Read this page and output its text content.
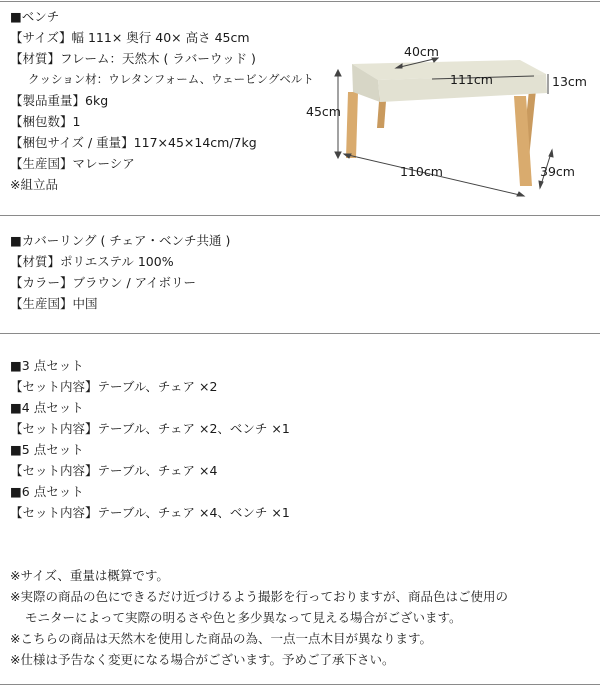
■ベンチ
【サイズ】幅 111× 奥行 40× 高さ 45cm
【材質】フレーム：天然木 ( ラバーウッド )
クッション材：ウレタンフォーム、ウェービングベルト
【製品重量】6kg
【梱包数】1
【梱包サイズ / 重量】117×45×14cm/7kg
【生産国】マレーシア
※組立品
40cm
111cm	13cm
45cm
110cm	39cm
■カバーリング ( チェア・ベンチ共通 )
【材質】ポリエステル 100%
【カラー】ブラウン / アイボリー
【生産国】中国
■3 点セット
【セット内容】テーブル、チェア ×2
■4 点セット
【セット内容】テーブル、チェア ×2、ベンチ ×1
■5 点セット
【セット内容】テーブル、チェア ×4
■6 点セット
【セット内容】テーブル、チェア ×4、ベンチ ×1
※サイズ、重量は概算です。
※実際の商品の色にできるだけ近づけるよう撮影を行っておりますが、商品色はご使用の
モニターによって実際の明るさや色と多少異なって見える場合がございます。
※こちらの商品は天然木を使用した商品の為、一点一点木目が異なります。
※仕様は予告なく変更になる場合がございます。予めご了承下さい。
